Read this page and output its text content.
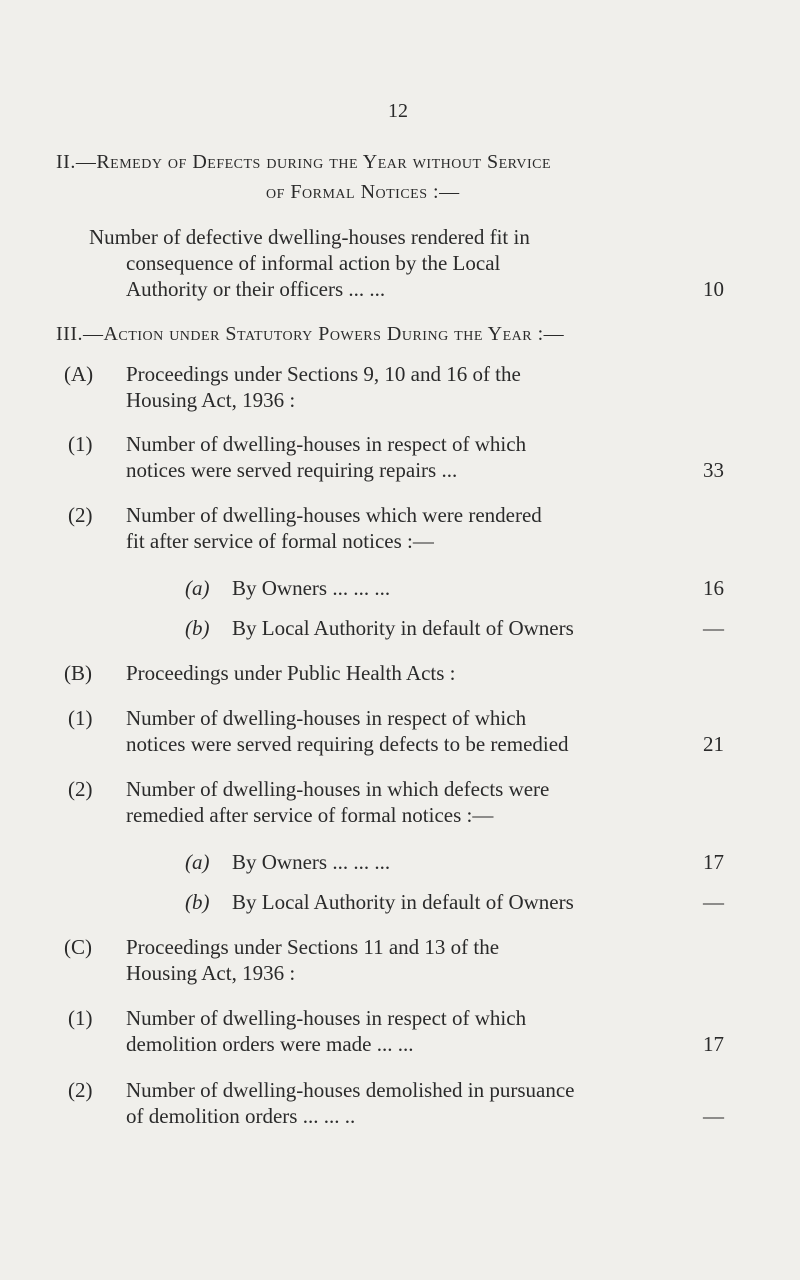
12
II.—Remedy of Defects during the Year without Service
of Formal Notices :—
Number of defective dwelling-houses rendered fit in
consequence of informal action by the Local
Authority or their officers ... ...	10
III.—Action under Statutory Powers During the Year :—
(A) Proceedings under Sections 9, 10 and 16 of the
Housing Act, 1936 :
(1) Number of dwelling-houses in respect of which
notices were served requiring repairs ...	33
(2) Number of dwelling-houses which were rendered
fit after service of formal notices :—
(a) By Owners ... ... ...	16
(b) By Local Authority in default of Owners	—
(B) Proceedings under Public Health Acts :
(1) Number of dwelling-houses in respect of which
notices were served requiring defects to be remedied	21
(2) Number of dwelling-houses in which defects were
remedied after service of formal notices :—
(a) By Owners ... ... ...	17
(b) By Local Authority in default of Owners	—
(C) Proceedings under Sections 11 and 13 of the
Housing Act, 1936 :
(1) Number of dwelling-houses in respect of which
demolition orders were made ... ...	17
(2) Number of dwelling-houses demolished in pursuance
of demolition orders ... ... ..	—
